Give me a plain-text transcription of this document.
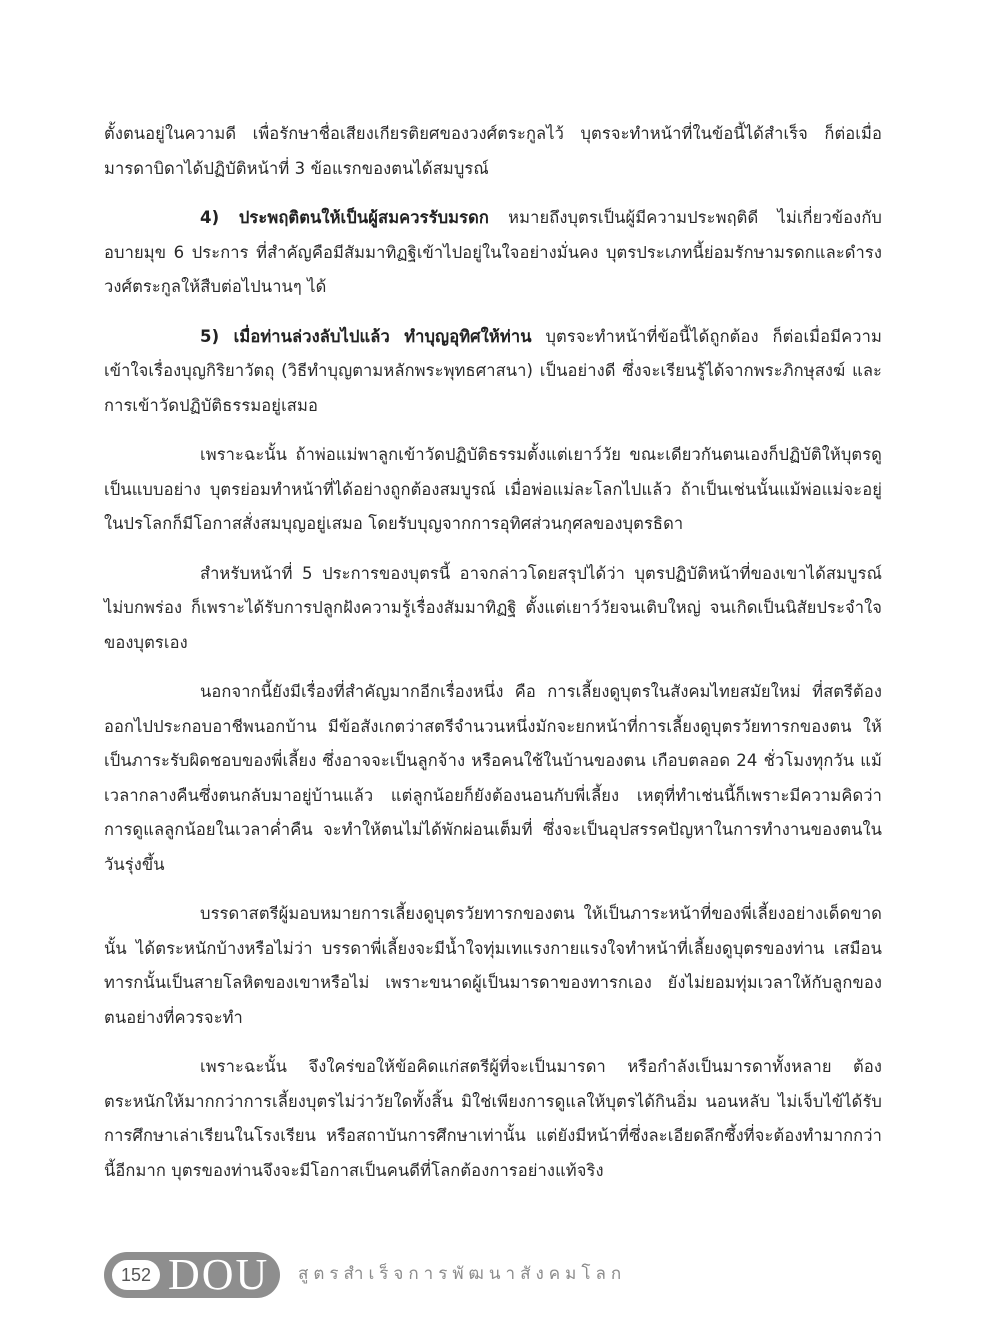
ตั้งตนอยู่ในความดี เพื่อรักษาชื่อเสียงเกียรติยศของวงศ์ตระกูลไว้ บุตรจะทำหน้าที่ในข้อนี้ได้สำเร็จ ก็ต่อเมื่อ มารดาบิดาได้ปฏิบัติหน้าที่ 3 ข้อแรกของตนได้สมบูรณ์

4) ประพฤติตนให้เป็นผู้สมควรรับมรดก หมายถึงบุตรเป็นผู้มีความประพฤติดี ไม่เกี่ยวข้องกับอบายมุข 6 ประการ ที่สำคัญคือมีสัมมาทิฏฐิเข้าไปอยู่ในใจอย่างมั่นคง บุตรประเภทนี้ย่อมรักษามรดกและดำรงวงศ์ตระกูลให้สืบต่อไปนานๆ ได้

5) เมื่อท่านล่วงลับไปแล้ว ทำบุญอุทิศให้ท่าน บุตรจะทำหน้าที่ข้อนี้ได้ถูกต้อง ก็ต่อเมื่อมีความเข้าใจเรื่องบุญกิริยาวัตถุ (วิธีทำบุญตามหลักพระพุทธศาสนา) เป็นอย่างดี ซึ่งจะเรียนรู้ได้จากพระภิกษุสงฆ์ และการเข้าวัดปฏิบัติธรรมอยู่เสมอ

เพราะฉะนั้น ถ้าพ่อแม่พาลูกเข้าวัดปฏิบัติธรรมตั้งแต่เยาว์วัย ขณะเดียวกันตนเองก็ปฏิบัติให้บุตรดูเป็นแบบอย่าง บุตรย่อมทำหน้าที่ได้อย่างถูกต้องสมบูรณ์ เมื่อพ่อแม่ละโลกไปแล้ว ถ้าเป็นเช่นนั้นแม้พ่อแม่จะอยู่ในปรโลกก็มีโอกาสสั่งสมบุญอยู่เสมอ โดยรับบุญจากการอุทิศส่วนกุศลของบุตรธิดา

สำหรับหน้าที่ 5 ประการของบุตรนี้ อาจกล่าวโดยสรุปได้ว่า บุตรปฏิบัติหน้าที่ของเขาได้สมบูรณ์ไม่บกพร่อง ก็เพราะได้รับการปลูกฝังความรู้เรื่องสัมมาทิฏฐิ ตั้งแต่เยาว์วัยจนเติบใหญ่ จนเกิดเป็นนิสัยประจำใจของบุตรเอง

นอกจากนี้ยังมีเรื่องที่สำคัญมากอีกเรื่องหนึ่ง คือ การเลี้ยงดูบุตรในสังคมไทยสมัยใหม่ ที่สตรีต้องออกไปประกอบอาชีพนอกบ้าน มีข้อสังเกตว่าสตรีจำนวนหนึ่งมักจะยกหน้าที่การเลี้ยงดูบุตรวัยทารกของตน ให้เป็นภาระรับผิดชอบของพี่เลี้ยง ซึ่งอาจจะเป็นลูกจ้าง หรือคนใช้ในบ้านของตน เกือบตลอด 24 ชั่วโมงทุกวัน แม้เวลากลางคืนซึ่งตนกลับมาอยู่บ้านแล้ว แต่ลูกน้อยก็ยังต้องนอนกับพี่เลี้ยง เหตุที่ทำเช่นนี้ก็เพราะมีความคิดว่า การดูแลลูกน้อยในเวลาค่ำคืน จะทำให้ตนไม่ได้พักผ่อนเต็มที่ ซึ่งจะเป็นอุปสรรคปัญหาในการทำงานของตนในวันรุ่งขึ้น

บรรดาสตรีผู้มอบหมายการเลี้ยงดูบุตรวัยทารกของตน ให้เป็นภาระหน้าที่ของพี่เลี้ยงอย่างเด็ดขาดนั้น ได้ตระหนักบ้างหรือไม่ว่า บรรดาพี่เลี้ยงจะมีน้ำใจทุ่มเทแรงกายแรงใจทำหน้าที่เลี้ยงดูบุตรของท่าน เสมือนทารกนั้นเป็นสายโลหิตของเขาหรือไม่ เพราะขนาดผู้เป็นมารดาของทารกเอง ยังไม่ยอมทุ่มเวลาให้กับลูกของตนอย่างที่ควรจะทำ

เพราะฉะนั้น จึงใคร่ขอให้ข้อคิดแก่สตรีผู้ที่จะเป็นมารดา หรือกำลังเป็นมารดาทั้งหลาย ต้องตระหนักให้มากกว่าการเลี้ยงบุตรไม่ว่าวัยใดทั้งสิ้น มิใช่เพียงการดูแลให้บุตรได้กินอิ่ม นอนหลับ ไม่เจ็บไข้ได้รับการศึกษาเล่าเรียนในโรงเรียน หรือสถาบันการศึกษาเท่านั้น แต่ยังมีหน้าที่ซึ่งละเอียดลึกซึ้งที่จะต้องทำมากกว่านี้อีกมาก บุตรของท่านจึงจะมีโอกาสเป็นคนดีที่โลกต้องการอย่างแท้จริง

152 DOU สูตรสำเร็จการพัฒนาสังคมโลก
